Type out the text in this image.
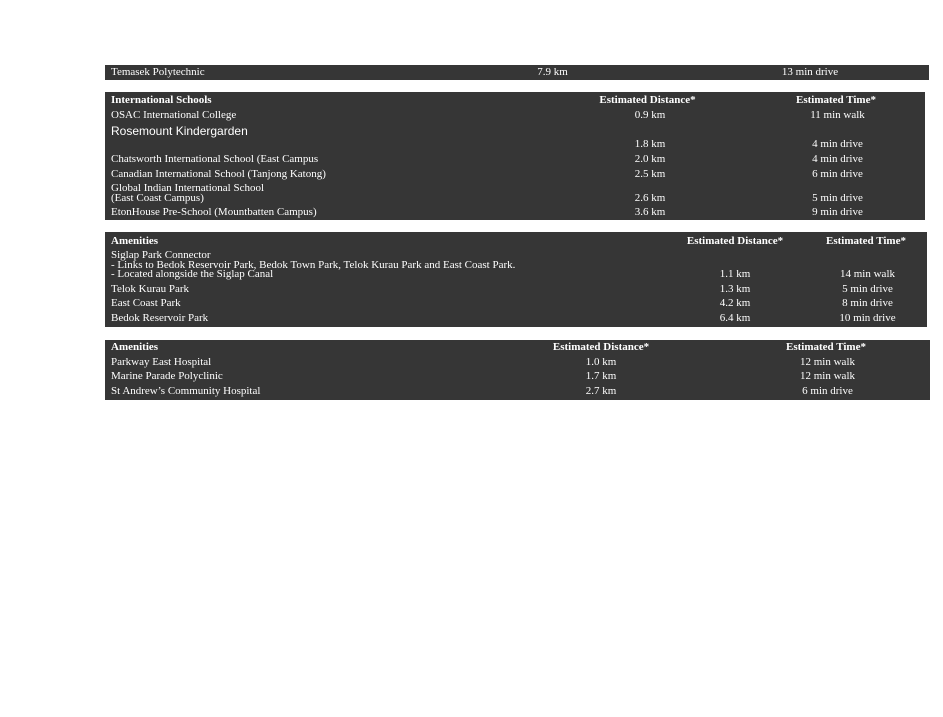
Temasek Polytechnic	7.9 km	13 min drive
International Schools	Estimated Distance*	Estimated Time*
OSAC International College	0.9 km	11 min walk
Rosemount Kindergarden
1.8 km	4 min drive
Chatsworth International School (East Campus	2.0 km	4 min drive
Canadian International School (Tanjong Katong)	2.5 km	6 min drive
Global Indian International School
(East Coast Campus)	2.6 km	5 min drive
EtonHouse Pre-School (Mountbatten Campus)	3.6 km	9 min drive
Amenities	Estimated Distance*	Estimated Time*
Siglap Park Connector
- Links to Bedok Reservoir Park, Bedok Town Park, Telok Kurau Park and East Coast Park.
- Located alongside the Siglap Canal	1.1 km	14 min walk
Telok Kurau Park	1.3 km	5 min drive
East Coast Park	4.2 km	8 min drive
Bedok Reservoir Park	6.4 km	10 min drive
Amenities	Estimated Distance*	Estimated Time*
Parkway East Hospital	1.0 km	12 min walk
Marine Parade Polyclinic	1.7 km	12 min walk
St Andrew’s Community Hospital	2.7 km	6 min drive
